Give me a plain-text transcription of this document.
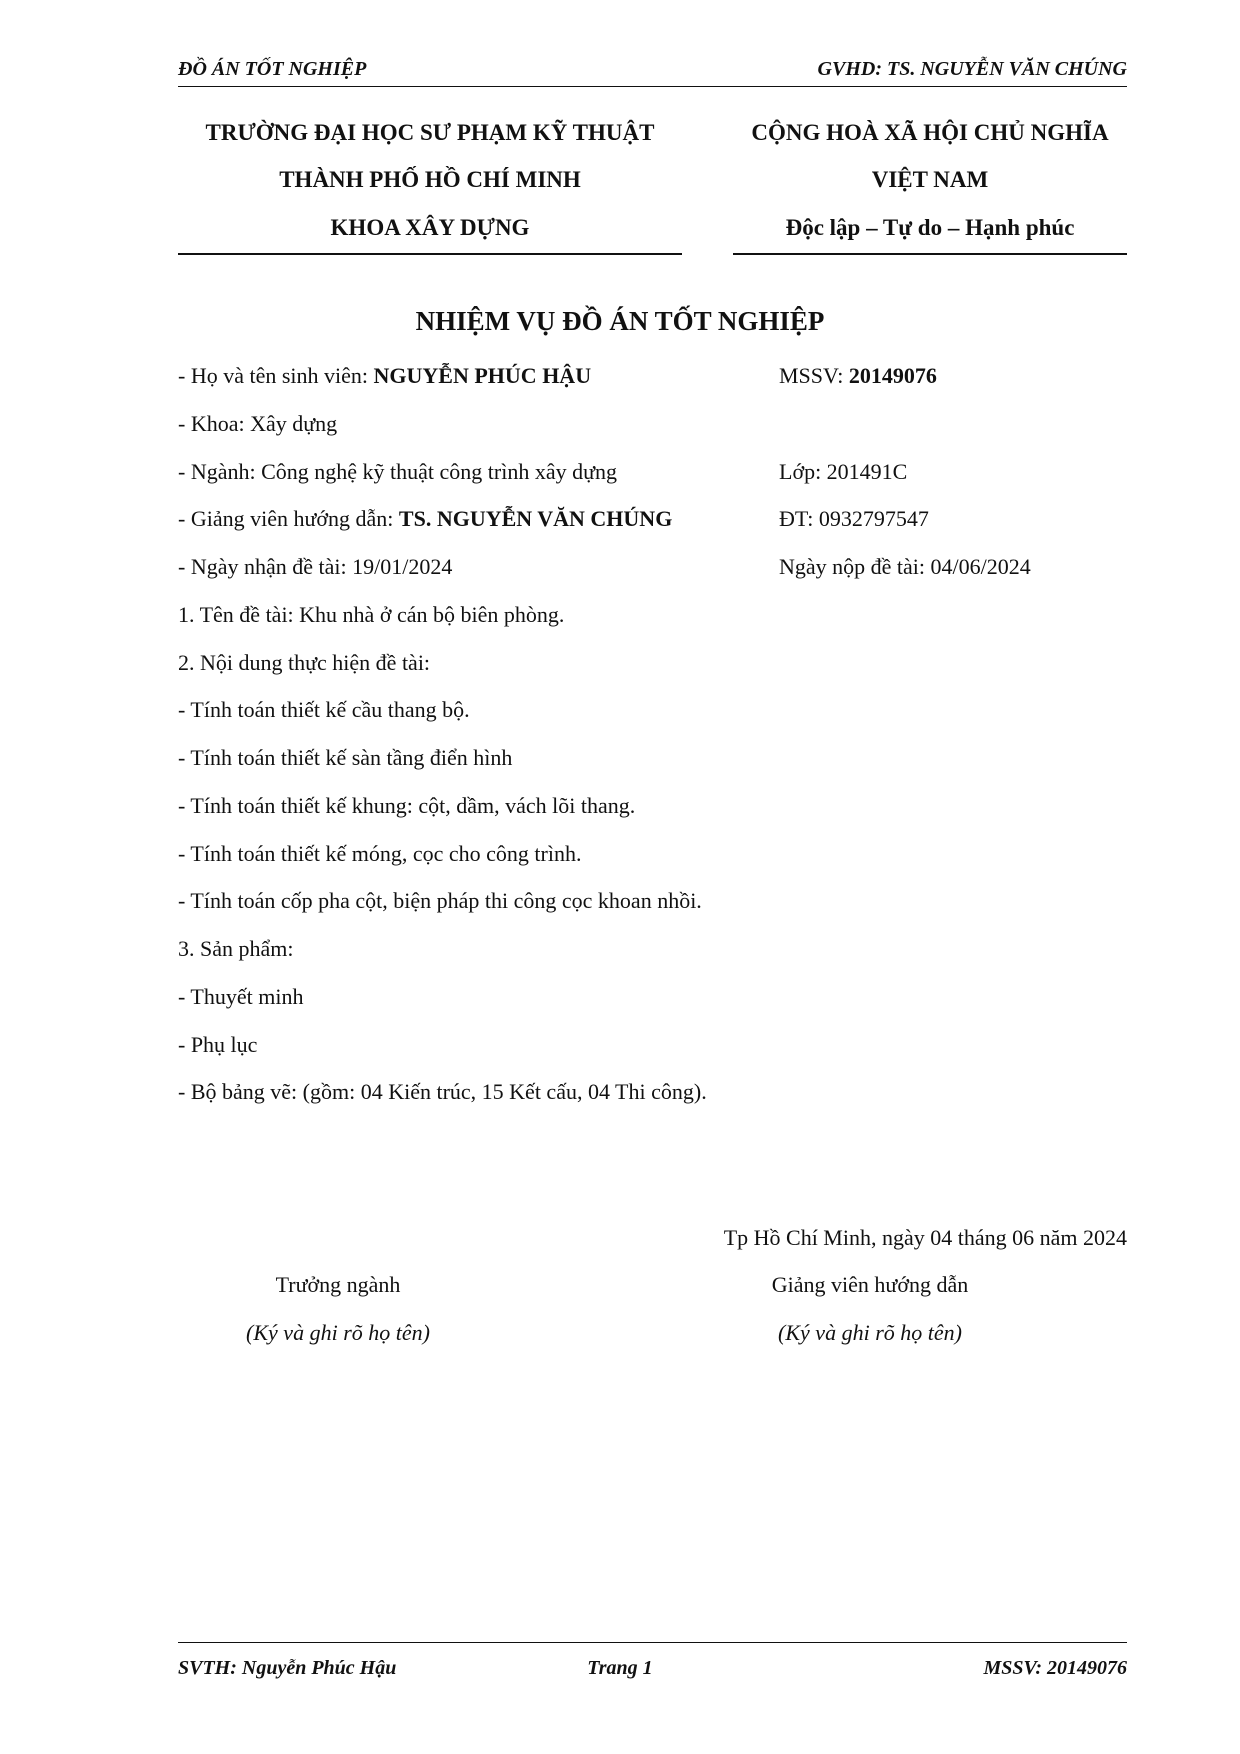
ĐỒ ÁN TỐT NGHIỆP	GVHD: TS. NGUYỄN VĂN CHÚNG
TRƯỜNG ĐẠI HỌC SƯ PHẠM KỸ THUẬT
THÀNH PHỐ HỒ CHÍ MINH
KHOA XÂY DỰNG
CỘNG HOÀ XÃ HỘI CHỦ NGHĨA
VIỆT NAM
Độc lập – Tự do – Hạnh phúc
NHIỆM VỤ ĐỒ ÁN TỐT NGHIỆP
- Họ và tên sinh viên: NGUYỄN PHÚC HẬU	MSSV: 20149076
- Khoa: Xây dựng
- Ngành: Công nghệ kỹ thuật công trình xây dựng	Lớp: 201491C
- Giảng viên hướng dẫn: TS. NGUYỄN VĂN CHÚNG	ĐT: 0932797547
- Ngày nhận đề tài: 19/01/2024	Ngày nộp đề tài: 04/06/2024
1. Tên đề tài: Khu nhà ở cán bộ biên phòng.
2. Nội dung thực hiện đề tài:
- Tính toán thiết kế cầu thang bộ.
- Tính toán thiết kế sàn tầng điển hình
- Tính toán thiết kế khung: cột, dầm, vách lõi thang.
- Tính toán thiết kế móng, cọc cho công trình.
- Tính toán cốp pha cột, biện pháp thi công cọc khoan nhồi.
3. Sản phẩm:
- Thuyết minh
- Phụ lục
- Bộ bảng vẽ: (gồm: 04 Kiến trúc, 15 Kết cấu, 04 Thi công).
Tp Hồ Chí Minh, ngày 04 tháng 06 năm 2024
Trưởng ngành
(Ký và ghi rõ họ tên)
Giảng viên hướng dẫn
(Ký và ghi rõ họ tên)
SVTH: Nguyễn Phúc Hậu	Trang 1	MSSV: 20149076
